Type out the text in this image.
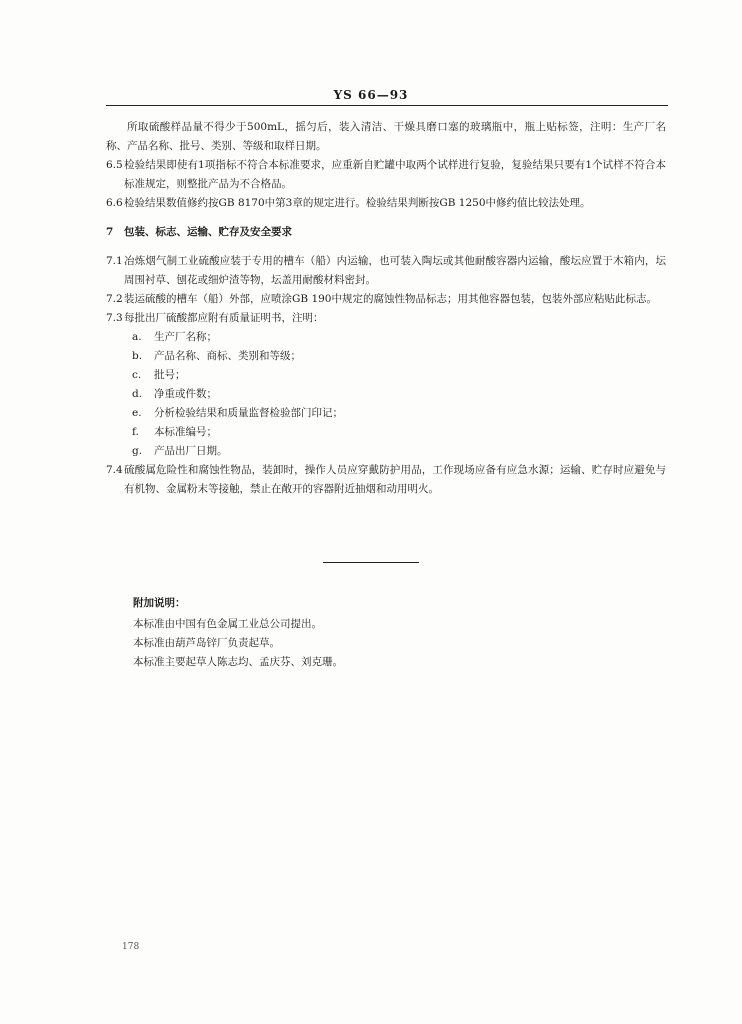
YS 66—93

所取硫酸样品量不得少于500mL，摇匀后，装入清洁、干燥具磨口塞的玻璃瓶中，瓶上贴标签，注明：生产厂名称、产品名称、批号、类别、等级和取样日期。

6.5检验结果即使有1项指标不符合本标准要求，应重新自贮罐中取两个试样进行复验，复验结果只要有1个试样不符合本标准规定，则整批产品为不合格品。

6.6检验结果数值修约按GB 8170中第3章的规定进行。检验结果判断按GB 1250中修约值比较法处理。

7 包装、标志、运输、贮存及安全要求

7.1冶炼烟气制工业硫酸应装于专用的槽车（船）内运输，也可装入陶坛或其他耐酸容器内运输，酸坛应置于木箱内，坛周围衬草、刨花或细炉渣等物，坛盖用耐酸材料密封。

7.2装运硫酸的槽车（船）外部，应喷涂GB 190中规定的腐蚀性物品标志；用其他容器包装，包装外部应粘贴此标志。

7.3每批出厂硫酸都应附有质量证明书，注明：

a. 生产厂名称；
b. 产品名称、商标、类别和等级；
c. 批号；
d. 净重或件数；
e. 分析检验结果和质量监督检验部门印记；
f. 本标准编号；
g. 产品出厂日期。

7.4硫酸属危险性和腐蚀性物品，装卸时，操作人员应穿戴防护用品，工作现场应备有应急水源；运输、贮存时应避免与有机物、金属粉末等接触，禁止在敞开的容器附近抽烟和动用明火。

附加说明：

本标准由中国有色金属工业总公司提出。

本标准由葫芦岛锌厂负责起草。

本标准主要起草人陈志均、孟庆芬、刘克珊。

178
